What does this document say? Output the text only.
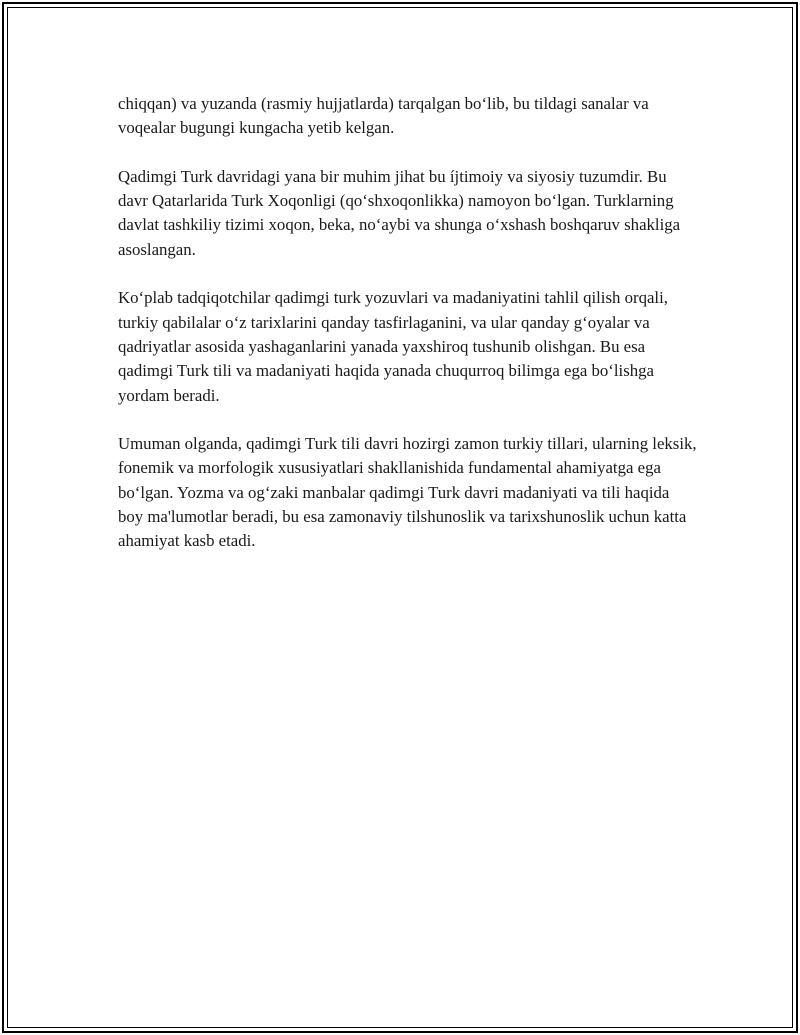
chiqqan) va yuzanda (rasmiy hujjatlarda) tarqalgan bo‘lib, bu tildagi sanalar va voqealar bugungi kungacha yetib kelgan.

Qadimgi Turk davridagi yana bir muhim jihat bu íjtimoiy va siyosiy tuzumdir. Bu davr Qatarlarida Turk Xoqonligi (qo‘shxoqonlikka) namoyon bo‘lgan. Turklarning davlat tashkiliy tizimi xoqon, beka, no‘aybi va shunga o‘xshash boshqaruv shakliga asoslangan.

Ko‘plab tadqiqotchilar qadimgi turk yozuvlari va madaniyatini tahlil qilish orqali, turkiy qabilalar o‘z tarixlarini qanday tasfirlaganini, va ular qanday g‘oyalar va qadriyatlar asosida yashaganlarini yanada yaxshiroq tushunib olishgan. Bu esa qadimgi Turk tili va madaniyati haqida yanada chuqurroq bilimga ega bo‘lishga yordam beradi.

Umuman olganda, qadimgi Turk tili davri hozirgi zamon turkiy tillari, ularning leksik, fonemik va morfologik xususiyatlari shakllanishida fundamental ahamiyatga ega bo‘lgan. Yozma va og‘zaki manbalar qadimgi Turk davri madaniyati va tili haqida boy ma'lumotlar beradi, bu esa zamonaviy tilshunoslik va tarixshunoslik uchun katta ahamiyat kasb etadi.
